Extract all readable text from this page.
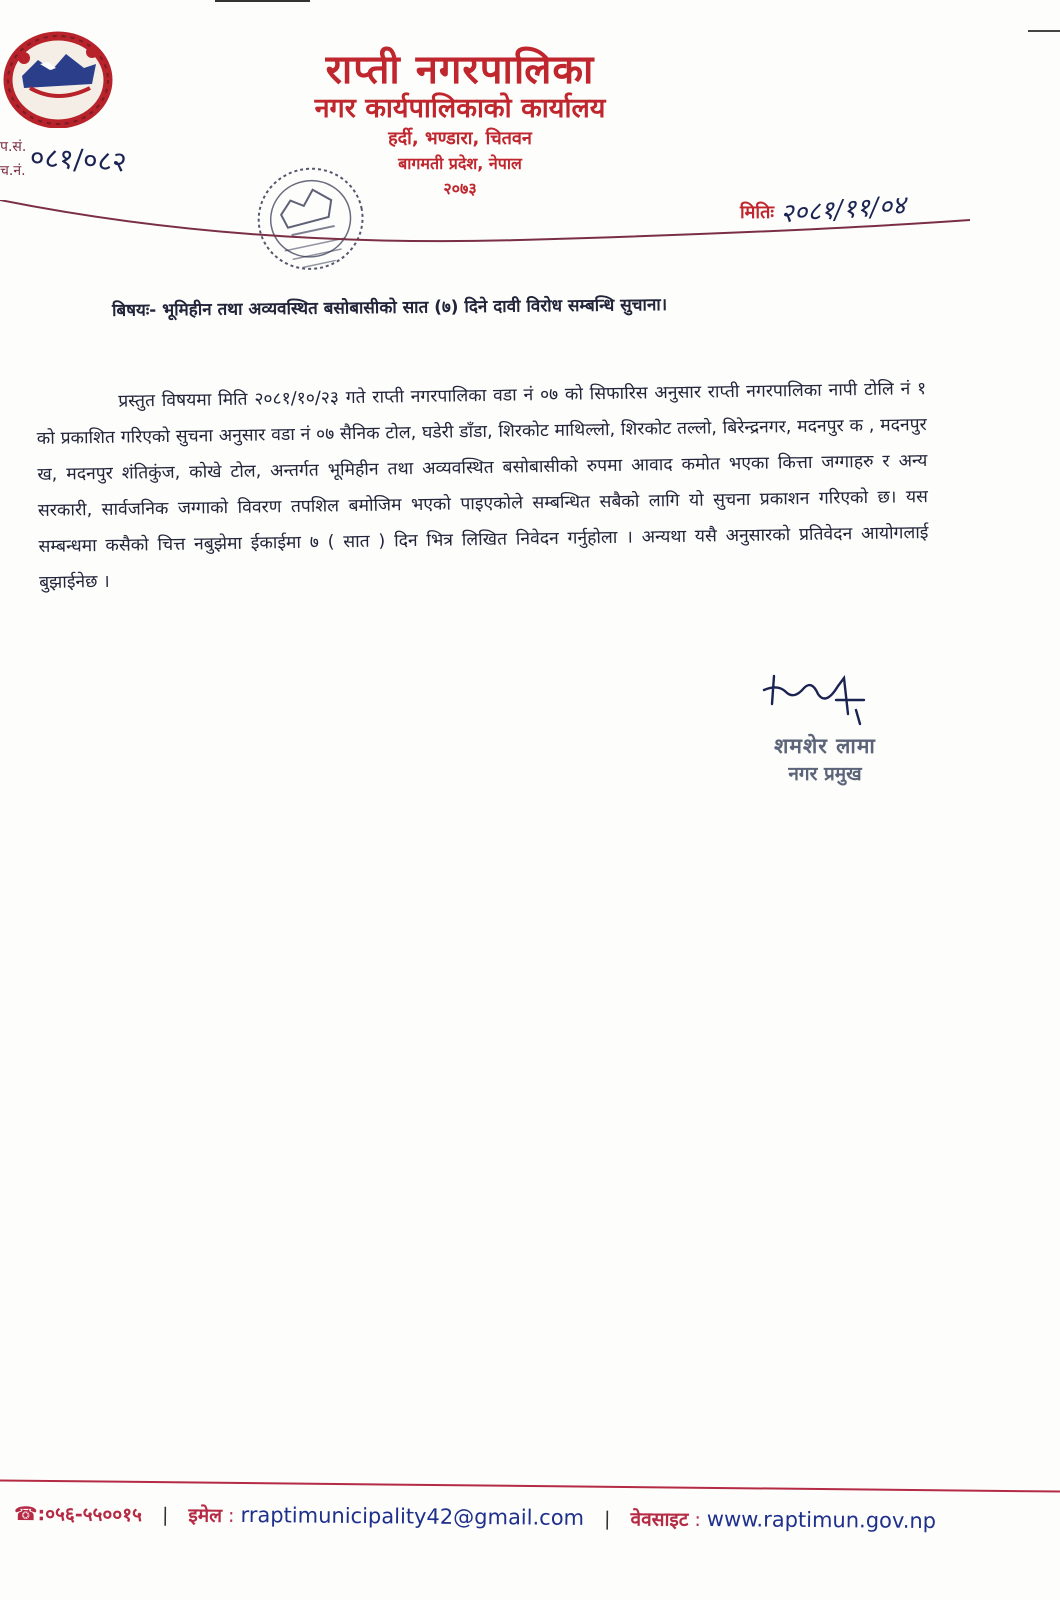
राप्ती नगरपालिका
नगर कार्यपालिकाको कार्यालय
हर्दी, भण्डारा, चितवन
बागमती प्रदेश, नेपाल
२०७३
प.सं.
च.नं. ०८१/०८२
मितिः २०८१/११/०४
बिषयः- भूमिहीन तथा अव्यवस्थित बसोबासीको सात (७) दिने दावी विरोध सम्बन्धि सुचाना।
प्रस्तुत विषयमा मिति २०८१/१०/२३ गते राप्ती नगरपालिका वडा नं ०७ को सिफारिस अनुसार राप्ती नगरपालिका नापी टोलि नं १ को प्रकाशित गरिएको सुचना अनुसार वडा नं ०७ सैनिक टोल, घडेरी डाँडा, शिरकोट माथिल्लो, शिरकोट तल्लो, बिरेन्द्रनगर, मदनपुर क , मदनपुर ख, मदनपुर शंतिकुंज, कोखे टोल, अन्तर्गत भूमिहीन तथा अव्यवस्थित बसोबासीको रुपमा आवाद कमोत भएका कित्ता जग्गाहरु र अन्य सरकारी, सार्वजनिक जग्गाको विवरण तपशिल बमोजिम भएको पाइएकोले सम्बन्धित सबैको लागि यो सुचना प्रकाशन गरिएको छ। यस सम्बन्धमा कसैको चित्त नबुझेमा ईकाईमा ७ ( सात ) दिन भित्र लिखित निवेदन गर्नुहोला । अन्यथा यसै अनुसारको प्रतिवेदन आयोगलाई बुझाईनेछ ।
शमशेर लामा
नगर प्रमुख
☎:०५६-५५००१५ | इमेल : rraptimunicipality42@gmail.com | वेवसाइट : www.raptimun.gov.np
